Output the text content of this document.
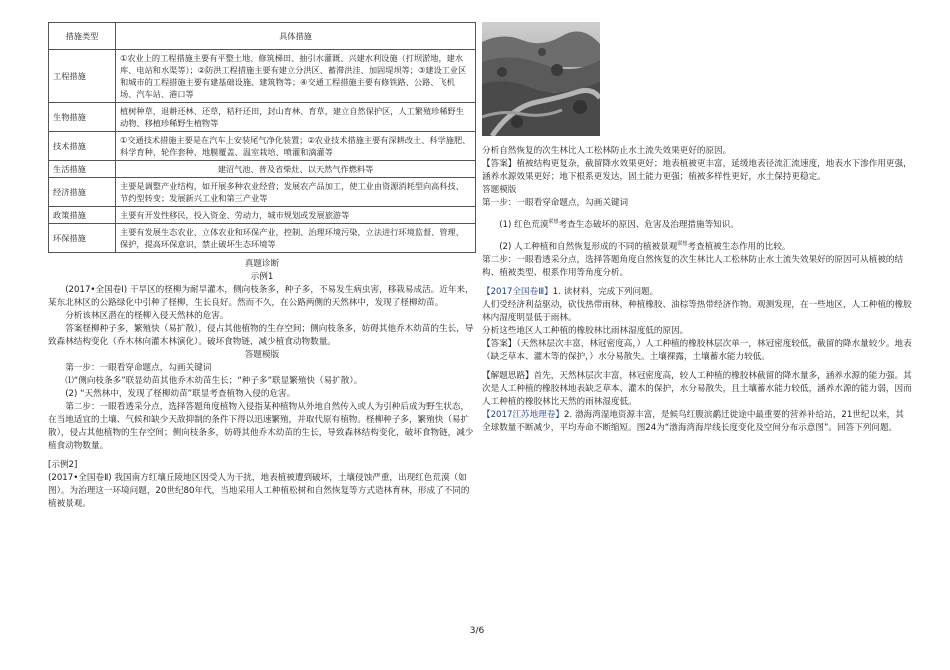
措施类型	具体措施
工程措施	①农业上的工程措施主要有平整土地、修筑梯田、抽引水灌溉、兴建水利设施（打坝淤地，建水库、电站和水渠等）；②防洪工程措施主要有建立分洪区、蓄滞洪洼、加固堤坝等；③建设工业区和城市的工程措施主要有建基础设施、建筑物等；④交通工程措施主要有修铁路、公路、飞机场、汽车站、港口等
生物措施	植树种草，退耕还林、还草，秸秆还田，封山育林、育草，建立自然保护区，人工繁殖珍稀野生动物、移植珍稀野生植物等
技术措施	①交通技术措施主要是在汽车上安装尾气净化装置；②农业技术措施主要有深耕改土、科学施肥、科学育种、轮作套种、地膜覆盖、温室栽培、喷灌和滴灌等
生活措施	建沼气池、普及省柴灶、以天然气作燃料等
经济措施	主要是调整产业结构，如开展多种农业经营；发展农产品加工，使工业由资源消耗型向高科技、节约型转变；发展新兴工业和第三产业等
政策措施	主要有开发性移民，投入资金、劳动力，城市规划或发展旅游等
环保措施	主要有发展生态农业、立体农业和环保产业，控制、治理环境污染，立法进行环境监督、管理、保护，提高环保意识，禁止破坏生态环境等

真题诊断

示例1

(2017•全国卷Ⅰ) 干旱区的柽柳为耐旱灌木，侧向枝条多，种子多，不易发生病虫害，移栽易成活。近年来，某东北林区的公路绿化中引种了柽柳，生长良好。然而不久，在公路两侧的天然林中，发现了柽柳幼苗。

分析该林区潜在的柽柳入侵天然林的危害。

答案柽柳种子多，繁殖快（易扩散），侵占其他植物的生存空间；侧向枝条多，妨碍其他乔木幼苗的生长，导致森林结构变化（乔木林向灌木林演化）。破坏食物链，减少植食动物数量。

答题模版

第一步：一眼看穿命题点，勾画关键词

⑴“侧向枝条多”联显幼苗其他乔木幼苗生长；“种子多”联显繁殖快（易扩散）。

(2) “天然林中，发现了柽柳幼苗”联显考查植物入侵的危害。

第二步：一眼看透采分点，选择答题角度植物入侵指某种植物从外地自然传入或人为引种后成为野生状态，在当地适宜的土壤、气候和缺少天敌抑制的条件下得以迅速繁殖，并取代原有植物。柽柳种子多，繁殖快（易扩散），侵占其他植物的生存空间；侧向枝条多，妨碍其他乔木幼苗的生长，导致森林结构变化，破坏食物链，减少植食动物数量。

[示例2]

(2017•全国卷Ⅱ) 我国南方红壤丘陵地区因受人为干扰，地表植被遭到破坏，土壤侵蚀严重，出现红色荒漠（如图）。为治理这一环境问题，20世纪80年代，当地采用人工种植松树和自然恢复等方式造林育林，形成了不同的植被景观。

分析自然恢复的次生林比人工松林防止水土流失效果更好的原因。

【答案】植被结构更复杂，截留降水效果更好；地表植被更丰富，延缓地表径流汇流速度，地表水下渗作用更强，涵养水源效果更好；地下根系更发达，固土能力更强；植被多样性更好，水土保持更稳定。

答题模版

第一步：一眼看穿命题点，勾画关键词

(1) 红色荒漠$^{联想}$考查生态破坏的原因、危害及治理措施等知识。

(2) 人工种植和自然恢复形成的不同的植被景观$^{联想}$考查植被生态作用的比较。

第二步：一眼看透采分点，选择答题角度自然恢复的次生林比人工松林防止水土流失效果好的原因可从植被的结构、植被类型、根系作用等角度分析。

【2017全国卷Ⅲ】1. 读材料，完成下列问题。

人们受经济利益驱动，砍伐热带雨林，种植橡胶、油棕等热带经济作物。观测发现，在一些地区，人工种植的橡胶林内湿度明显低于雨林。

分析这些地区人工种植的橡胶林比雨林湿度低的原因。

【答案】（天然林层次丰富，林冠密度高，）人工种植的橡胶林层次单一，林冠密度较低，截留的降水量较少。地表（缺乏草本、灌木等的保护，）水分易散失。土壤裸露，土壤蓄水能力较低。

【解题思路】首先，天然林层次丰富，林冠密度高，较人工种植的橡胶林截留的降水量多，涵养水源的能力强。其次是人工种植的橡胶林地表缺乏草本、灌木的保护，水分易散失，且土壤蓄水能力较低，涵养水源的能力弱，因而人工种植的橡胶林比天然的雨林湿度低。

【2017江苏地理卷】2. 渤海湾湿地资源丰富，是候鸟红腹滨鹬迁徙途中最重要的营养补给站，21世纪以来，其全球数量不断减少，平均寿命不断缩短。图24为“渤海湾海岸线长度变化及空间分布示意图”。回答下列问题。

3/6
